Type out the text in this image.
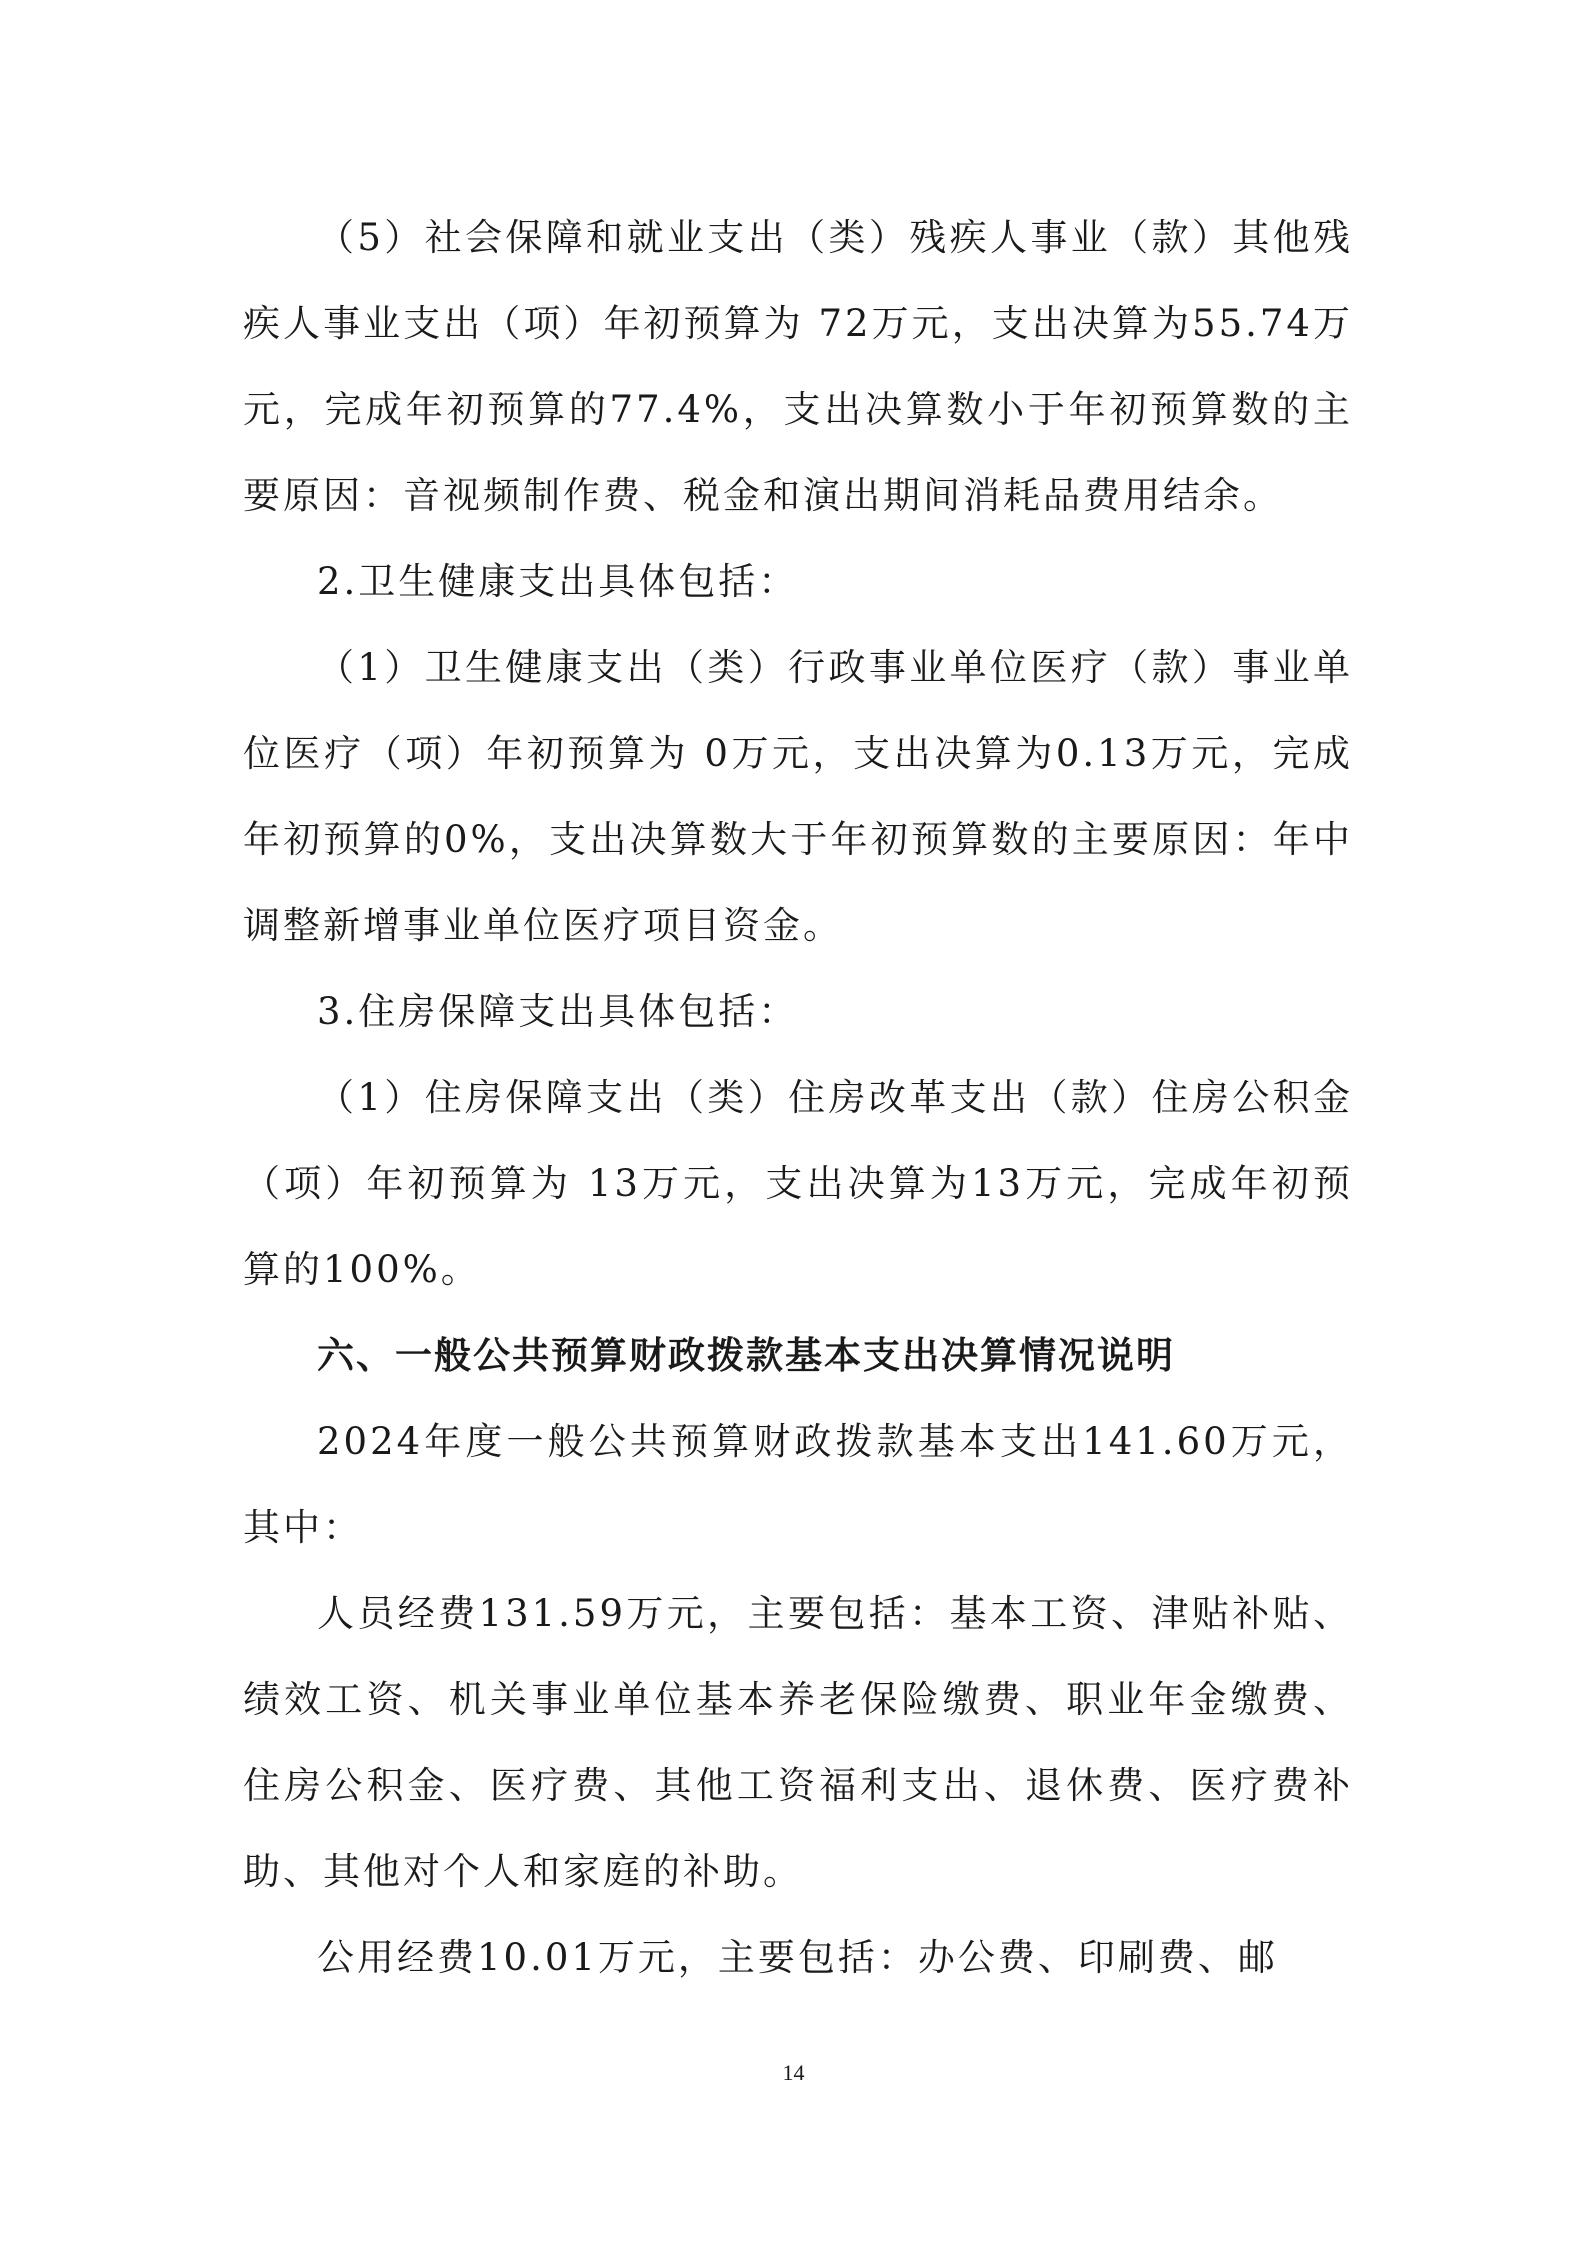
（5）社会保障和就业支出（类）残疾人事业（款）其他残疾人事业支出（项）年初预算为 72万元，支出决算为55.74万元，完成年初预算的77.4%，支出决算数小于年初预算数的主要原因：音视频制作费、税金和演出期间消耗品费用结余。

2.卫生健康支出具体包括：

（1）卫生健康支出（类）行政事业单位医疗（款）事业单位医疗（项）年初预算为 0万元，支出决算为0.13万元，完成年初预算的0%，支出决算数大于年初预算数的主要原因：年中调整新增事业单位医疗项目资金。

3.住房保障支出具体包括：

（1）住房保障支出（类）住房改革支出（款）住房公积金（项）年初预算为 13万元，支出决算为13万元，完成年初预算的100%。

六、一般公共预算财政拨款基本支出决算情况说明

2024年度一般公共预算财政拨款基本支出141.60万元，其中：

人员经费131.59万元，主要包括：基本工资、津贴补贴、绩效工资、机关事业单位基本养老保险缴费、职业年金缴费、住房公积金、医疗费、其他工资福利支出、退休费、医疗费补助、其他对个人和家庭的补助。

公用经费10.01万元，主要包括：办公费、印刷费、邮

14
